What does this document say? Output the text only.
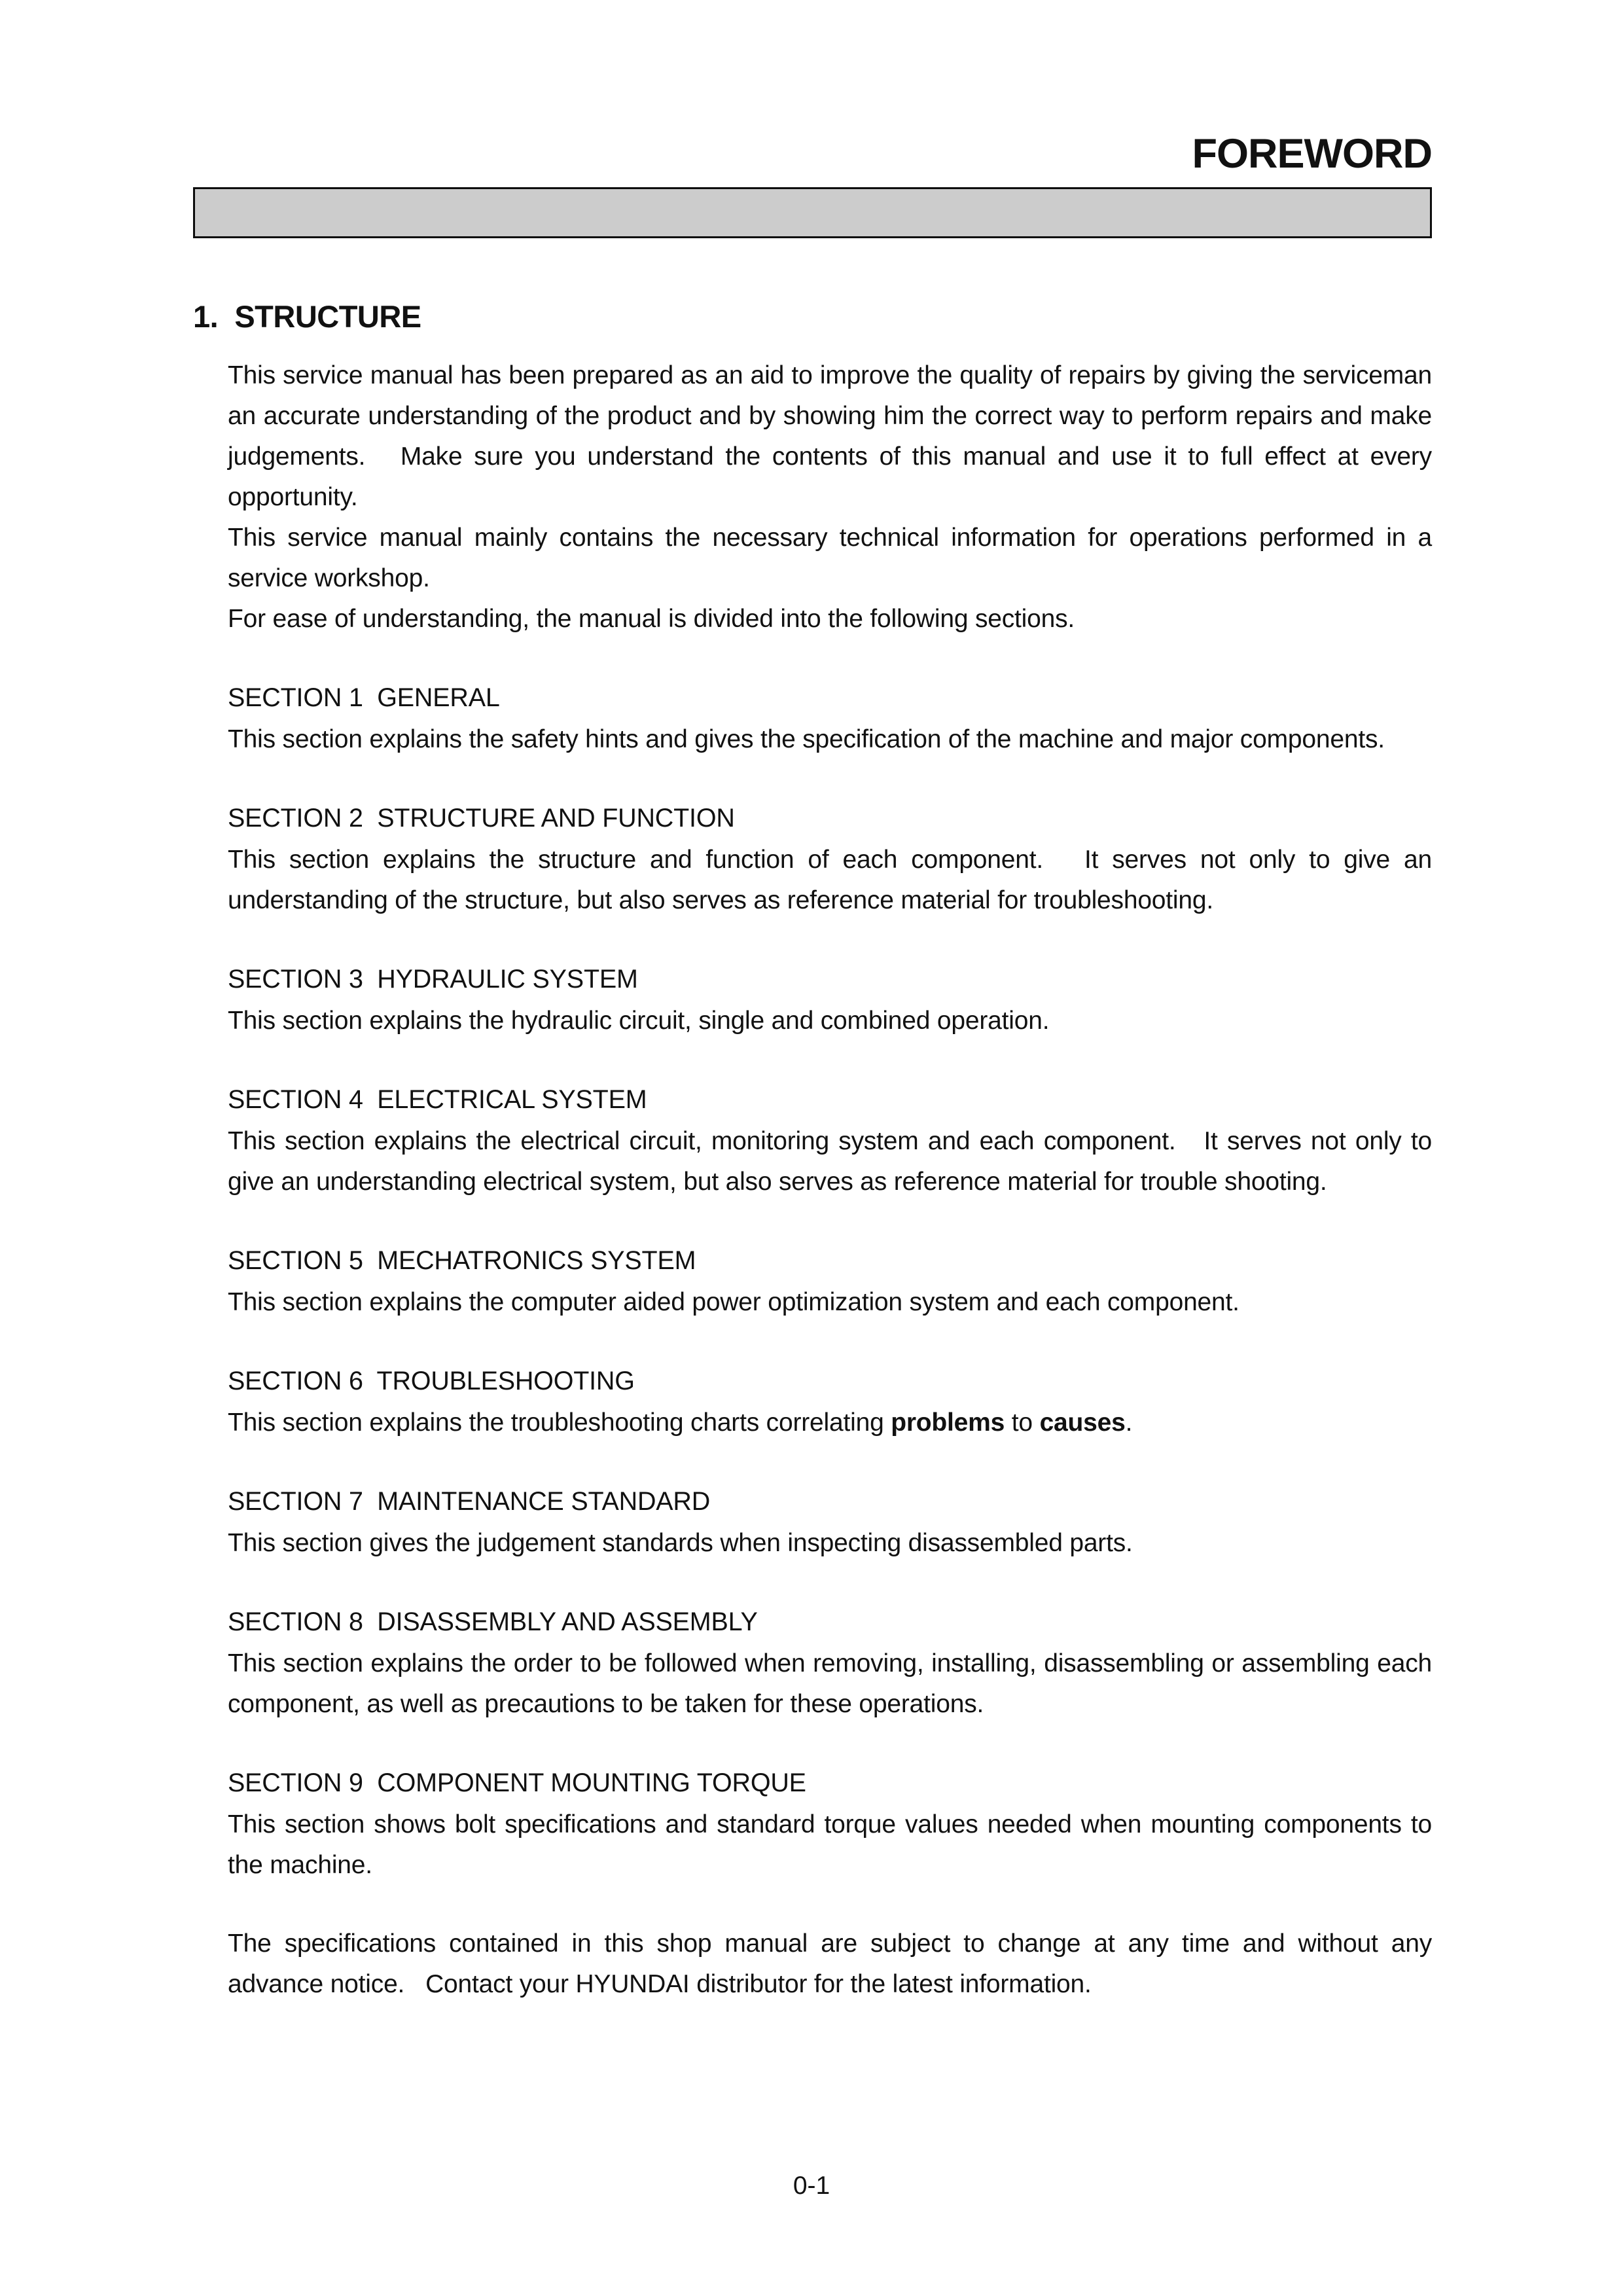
FOREWORD
1.  STRUCTURE

This service manual has been prepared as an aid to improve the quality of repairs by giving the serviceman an accurate understanding of the product and by showing him the correct way to perform repairs and make judgements.   Make sure you understand the contents of this manual and use it to full effect at every opportunity.

This service manual mainly contains the necessary technical information for operations performed in a service workshop.

For ease of understanding, the manual is divided into the following sections.

SECTION 1  GENERAL

This section explains the safety hints and gives the specification of the machine and major components.

SECTION 2  STRUCTURE AND FUNCTION

This section explains the structure and function of each component.   It serves not only to give an understanding of the structure, but also serves as reference material for troubleshooting.

SECTION 3  HYDRAULIC SYSTEM

This section explains the hydraulic circuit, single and combined operation.

SECTION 4  ELECTRICAL SYSTEM

This section explains the electrical circuit, monitoring system and each component.   It serves not only to give an understanding electrical system, but also serves as reference material for trouble shooting.

SECTION 5  MECHATRONICS SYSTEM

This section explains the computer aided power optimization system and each component.

SECTION 6  TROUBLESHOOTING

This section explains the troubleshooting charts correlating problems to causes.

SECTION 7  MAINTENANCE STANDARD

This section gives the judgement standards when inspecting disassembled parts.

SECTION 8  DISASSEMBLY AND ASSEMBLY

This section explains the order to be followed when removing, installing, disassembling or assembling each component, as well as precautions to be taken for these operations.

SECTION 9  COMPONENT MOUNTING TORQUE

This section shows bolt specifications and standard torque values needed when mounting components to the machine.

The specifications contained in this shop manual are subject to change at any time and without any advance notice.   Contact your HYUNDAI distributor for the latest information.

0-1
